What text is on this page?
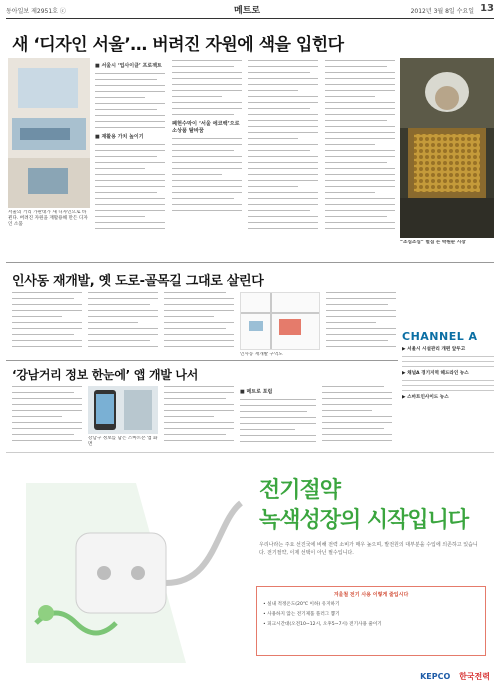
동아일보 제2951호 ⓒ	메트로	2012년 3월 8일 수요일 13
새 ‘디자인 서울’… 버려진 자원에 색을 입힌다
서울의 거리 가판대가 새 디자인으로 바뀐다. 버려진 자원을 재활용해 만든 디자인 소품
■ 서울시 ‘업사이클’ 프로젝트
■ 재활용 가치 높이기
폐현수막이 ‘서울 에코백’으로 소상품 탈바꿈
“조심조심” 벌집 든 박원순 시장
인사동 재개발, 옛 도로-골목길 그대로 살린다
인사동 재개발 구역도
CHANNEL A
▶ 서울시 시설관리 개편 앞두고
▶ 채널A 경기지역 헤드라인 뉴스
▶ 스마트인사이드 뉴스
‘강남거리 정보 한눈에’ 앱 개발 나서
강남구 정보를 담은 스마트폰 앱 화면
■ 메트로 포럼
전기절약
녹색성장의 시작입니다
우리나라는 주요 선진국에 비해 전력 소비가 매우 높으며, 발전원의 대부분을 수입에 의존하고 있습니다. 전기절약, 이제 선택이 아닌 필수입니다.
겨울철 전기 사용 이렇게 줄입시다
• 실내 적정온도(20℃ 이하) 유지하기
• 사용하지 않는 전기제품 플러그 뽑기
• 피크시간대(오전10~12시, 오후5~7시) 전기사용 줄이기
KEPCO 한국전력
